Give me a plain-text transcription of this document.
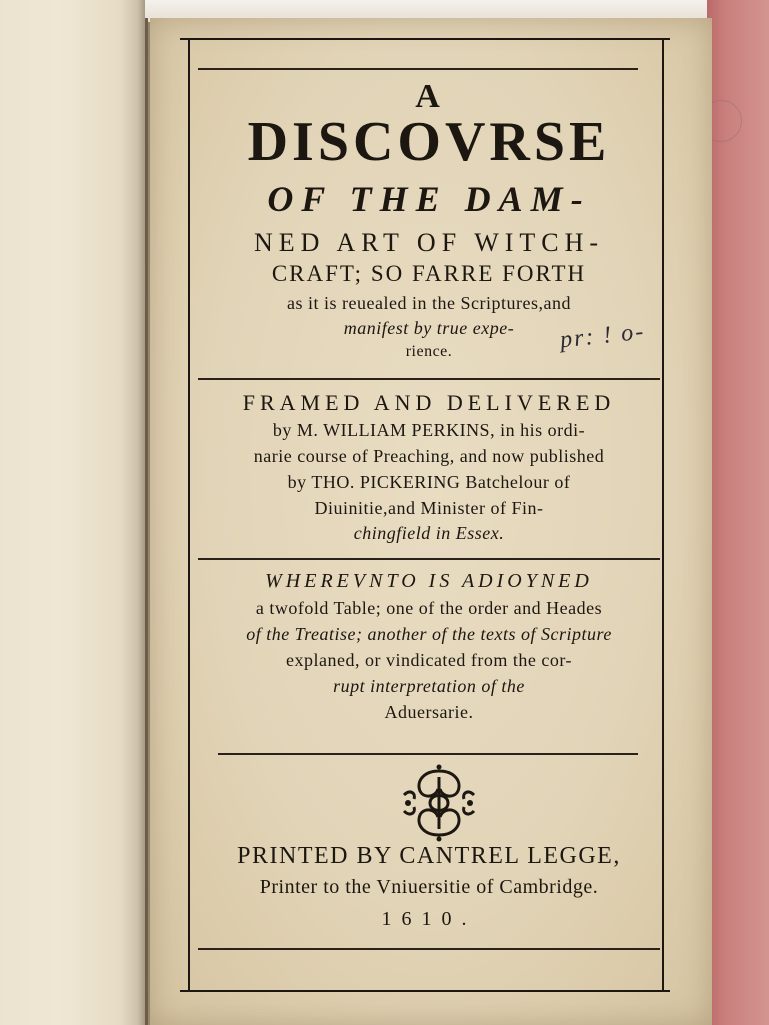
A
DISCOVRSE
OF THE DAM-
NED ART OF WITCH-
CRAFT; SO FARRE FORTH
as it is reuealed in the Scriptures,and
manifest by true expe-
rience.	pr: ! o-
FRAMED AND DELIVERED
by M. WILLIAM PERKINS, in his ordi-
narie course of Preaching, and now published
by THO. PICKERING Batchelour of
Diuinitie,and Minister of Fin-
chingfield in Essex.
WHEREVNTO IS ADIOYNED
a twofold Table; one of the order and Heades
of the Treatise; another of the texts of Scripture
explaned, or vindicated from the cor-
rupt interpretation of the
Aduersarie.
PRINTED BY CANTREL LEGGE,
Printer to the Vniuersitie of Cambridge.
1610.
